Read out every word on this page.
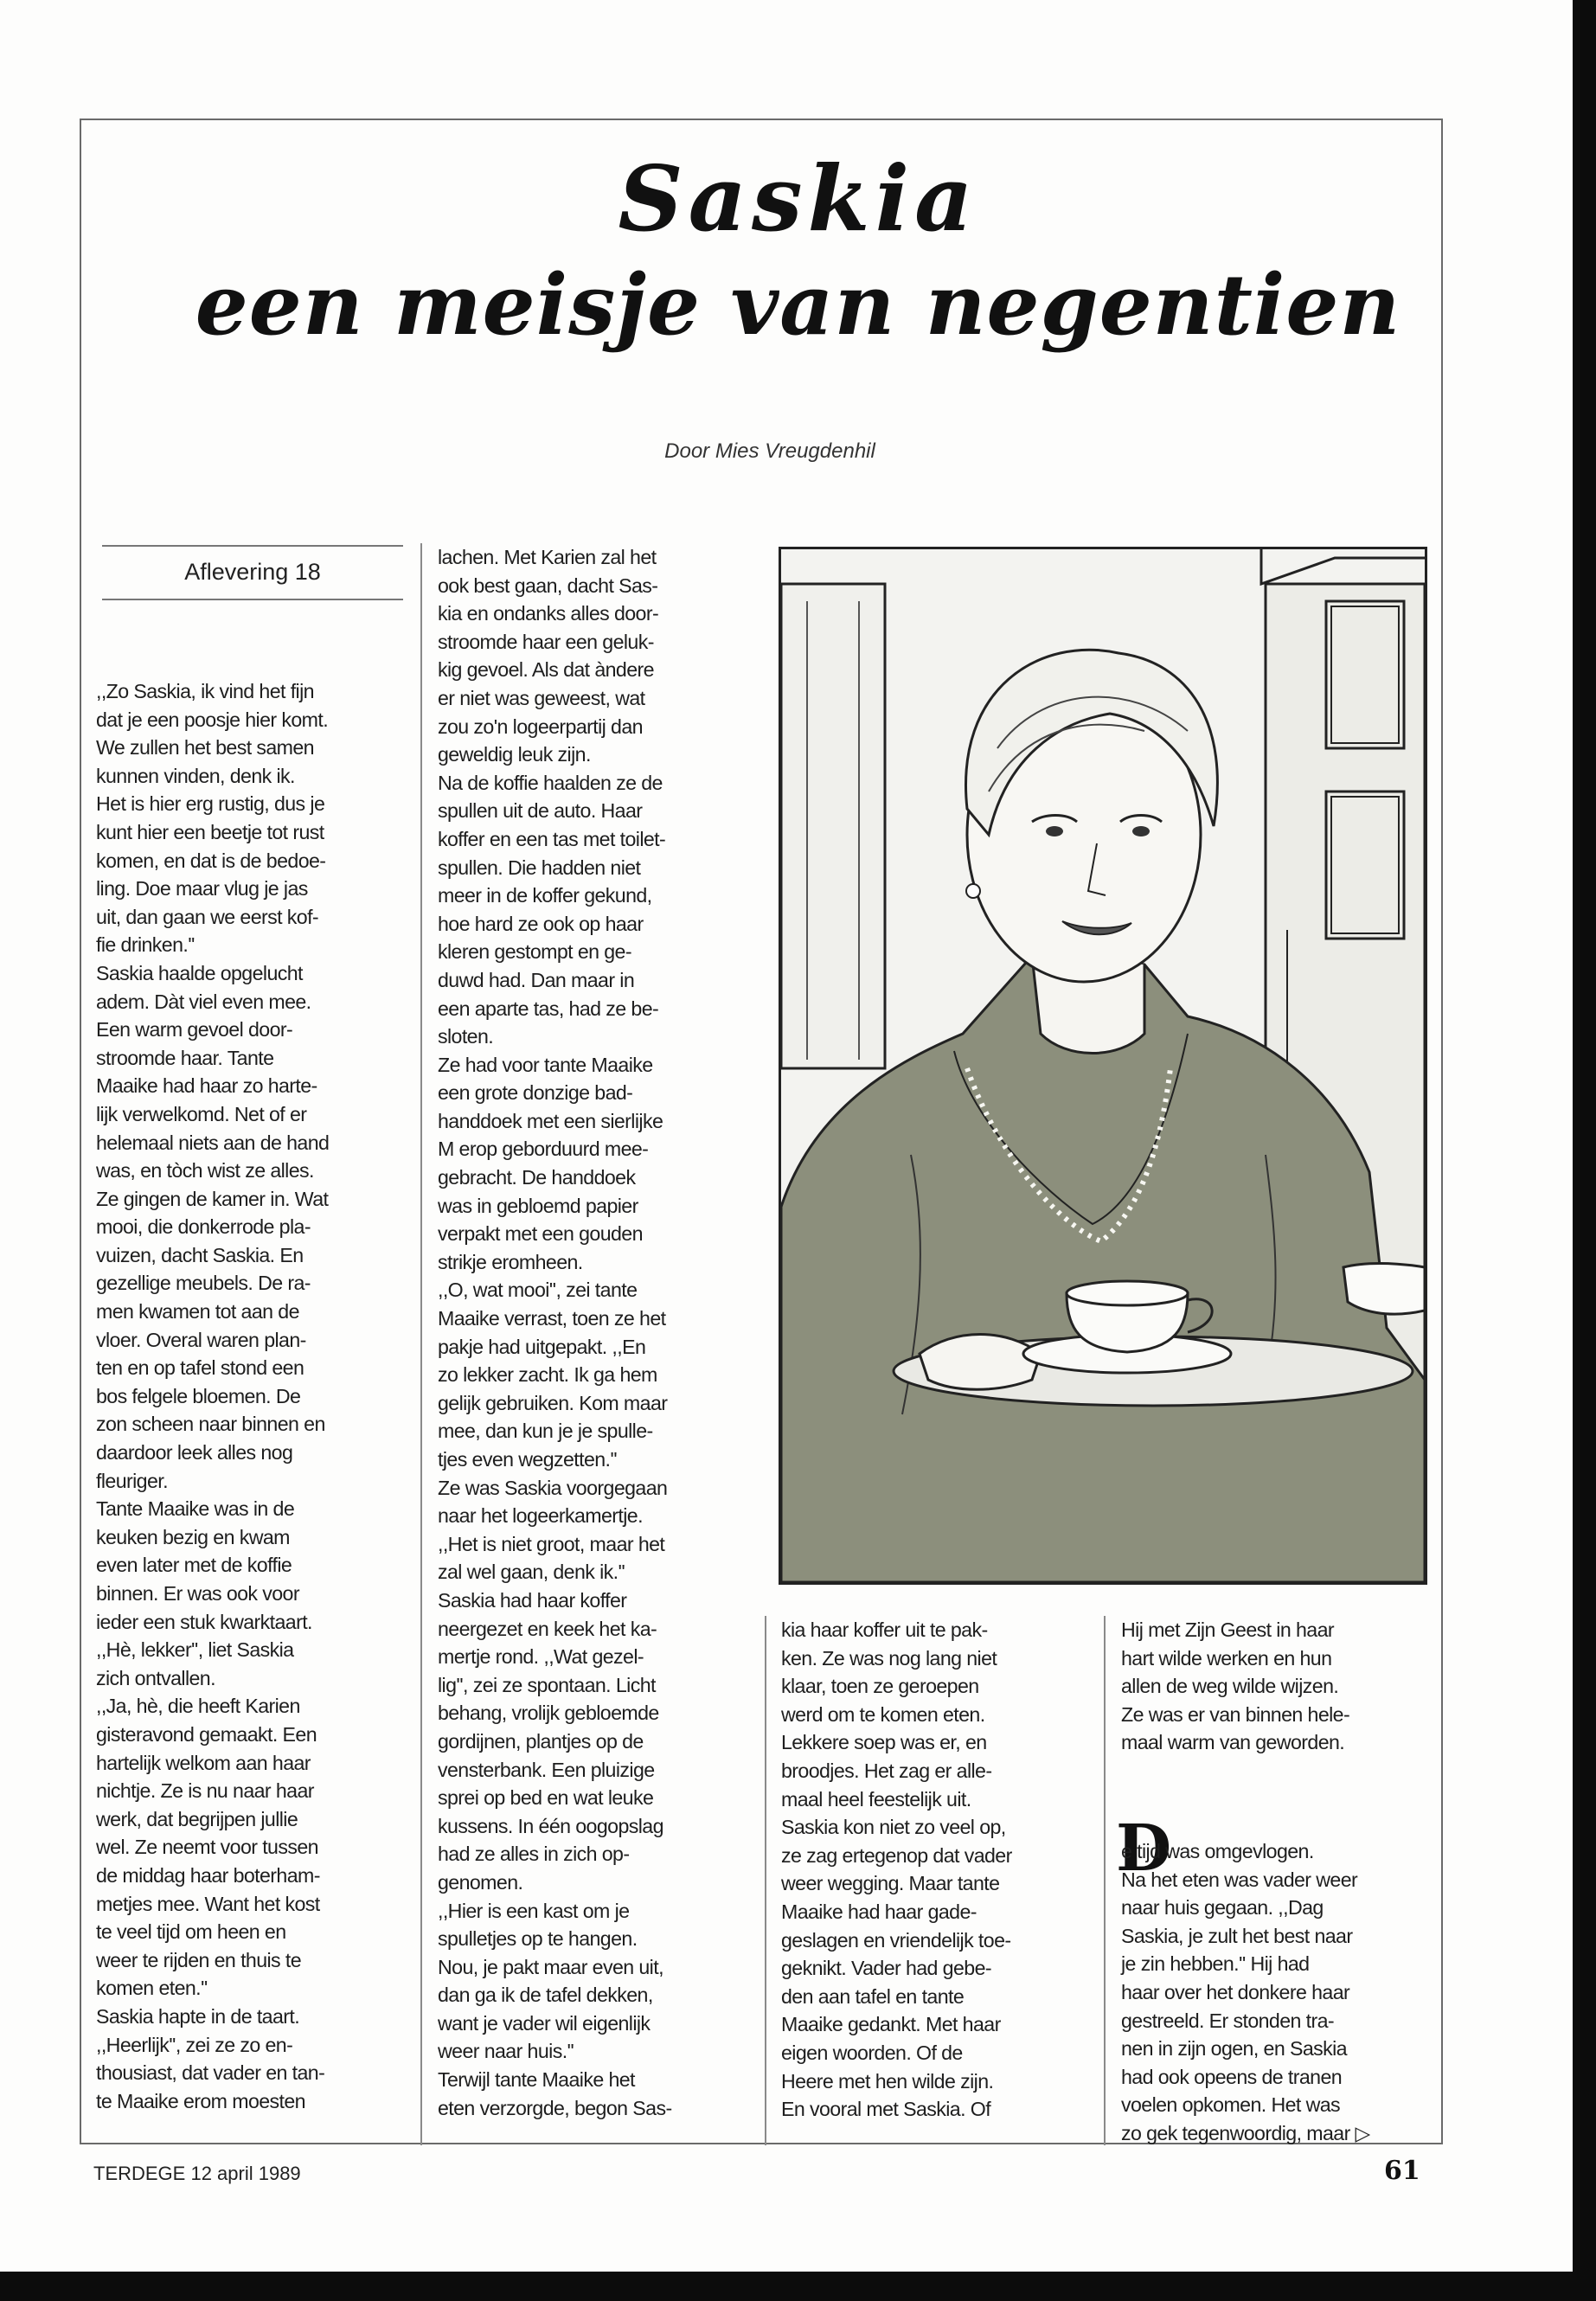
Saskia
een meisje van negentien
Door Mies Vreugdenhil
Aflevering 18
,,Zo Saskia, ik vind het fijn
dat je een poosje hier komt.
We zullen het best samen
kunnen vinden, denk ik.
Het is hier erg rustig, dus je
kunt hier een beetje tot rust
komen, en dat is de bedoe-
ling. Doe maar vlug je jas
uit, dan gaan we eerst kof-
fie drinken.''
Saskia haalde opgelucht
adem. Dàt viel even mee.
Een warm gevoel door-
stroomde haar. Tante
Maaike had haar zo harte-
lijk verwelkomd. Net of er
helemaal niets aan de hand
was, en tòch wist ze alles.
Ze gingen de kamer in. Wat
mooi, die donkerrode pla-
vuizen, dacht Saskia. En
gezellige meubels. De ra-
men kwamen tot aan de
vloer. Overal waren plan-
ten en op tafel stond een
bos felgele bloemen. De
zon scheen naar binnen en
daardoor leek alles nog
fleuriger.
Tante Maaike was in de
keuken bezig en kwam
even later met de koffie
binnen. Er was ook voor
ieder een stuk kwarktaart.
,,Hè, lekker'', liet Saskia
zich ontvallen.
,,Ja, hè, die heeft Karien
gisteravond gemaakt. Een
hartelijk welkom aan haar
nichtje. Ze is nu naar haar
werk, dat begrijpen jullie
wel. Ze neemt voor tussen
de middag haar boterham-
metjes mee. Want het kost
te veel tijd om heen en
weer te rijden en thuis te
komen eten.''
Saskia hapte in de taart.
,,Heerlijk'', zei ze zo en-
thousiast, dat vader en tan-
te Maaike erom moesten
lachen. Met Karien zal het
ook best gaan, dacht Sas-
kia en ondanks alles door-
stroomde haar een geluk-
kig gevoel. Als dat àndere
er niet was geweest, wat
zou zo'n logeerpartij dan
geweldig leuk zijn.
Na de koffie haalden ze de
spullen uit de auto. Haar
koffer en een tas met toilet-
spullen. Die hadden niet
meer in de koffer gekund,
hoe hard ze ook op haar
kleren gestompt en ge-
duwd had. Dan maar in
een aparte tas, had ze be-
sloten.
Ze had voor tante Maaike
een grote donzige bad-
handdoek met een sierlijke
M erop geborduurd mee-
gebracht. De handdoek
was in gebloemd papier
verpakt met een gouden
strikje eromheen.
,,O, wat mooi'', zei tante
Maaike verrast, toen ze het
pakje had uitgepakt. ,,En
zo lekker zacht. Ik ga hem
gelijk gebruiken. Kom maar
mee, dan kun je je spulle-
tjes even wegzetten.''
Ze was Saskia voorgegaan
naar het logeerkamertje.
,,Het is niet groot, maar het
zal wel gaan, denk ik.''
Saskia had haar koffer
neergezet en keek het ka-
mertje rond. ,,Wat gezel-
lig'', zei ze spontaan. Licht
behang, vrolijk gebloemde
gordijnen, plantjes op de
vensterbank. Een pluizige
sprei op bed en wat leuke
kussens. In één oogopslag
had ze alles in zich op-
genomen.
,,Hier is een kast om je
spulletjes op te hangen.
Nou, je pakt maar even uit,
dan ga ik de tafel dekken,
want je vader wil eigenlijk
weer naar huis.''
Terwijl tante Maaike het
eten verzorgde, begon Sas-
kia haar koffer uit te pak-
ken. Ze was nog lang niet
klaar, toen ze geroepen
werd om te komen eten.
Lekkere soep was er, en
broodjes. Het zag er alle-
maal heel feestelijk uit.
Saskia kon niet zo veel op,
ze zag ertegenop dat vader
weer wegging. Maar tante
Maaike had haar gade-
geslagen en vriendelijk toe-
geknikt. Vader had gebe-
den aan tafel en tante
Maaike gedankt. Met haar
eigen woorden. Of de
Heere met hen wilde zijn.
En vooral met Saskia. Of
Hij met Zijn Geest in haar
hart wilde werken en hun
allen de weg wilde wijzen.
Ze was er van binnen hele-
maal warm van geworden.
D
e tijd was omgevlogen.
Na het eten was vader weer
naar huis gegaan. ,,Dag
Saskia, je zult het best naar
je zin hebben.'' Hij had
haar over het donkere haar
gestreeld. Er stonden tra-
nen in zijn ogen, en Saskia
had ook opeens de tranen
voelen opkomen. Het was
zo gek tegenwoordig, maar ▷
TERDEGE 12 april 1989	61
